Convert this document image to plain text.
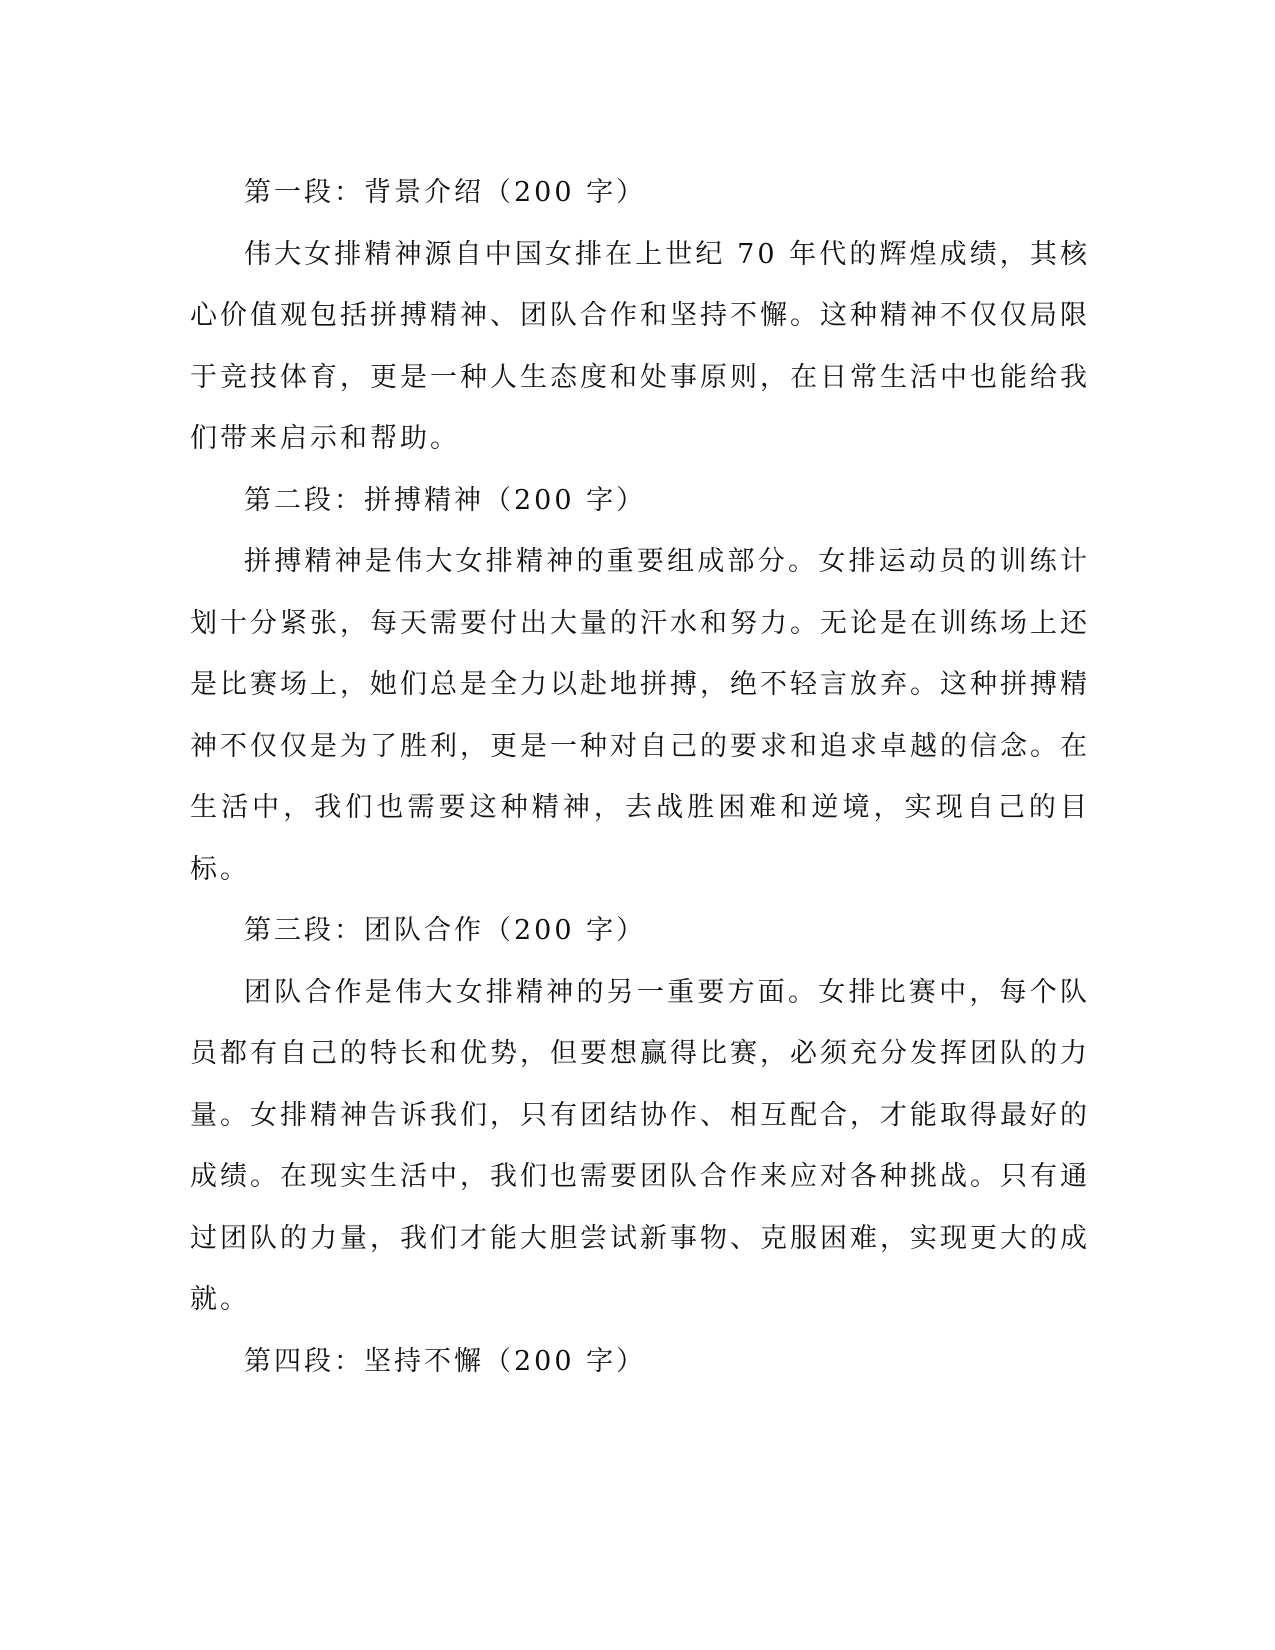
第一段：背景介绍（200 字）

伟大女排精神源自中国女排在上世纪 70 年代的辉煌成绩，其核心价值观包括拼搏精神、团队合作和坚持不懈。这种精神不仅仅局限于竞技体育，更是一种人生态度和处事原则，在日常生活中也能给我们带来启示和帮助。

第二段：拼搏精神（200 字）

拼搏精神是伟大女排精神的重要组成部分。女排运动员的训练计划十分紧张，每天需要付出大量的汗水和努力。无论是在训练场上还是比赛场上，她们总是全力以赴地拼搏，绝不轻言放弃。这种拼搏精神不仅仅是为了胜利，更是一种对自己的要求和追求卓越的信念。在生活中，我们也需要这种精神，去战胜困难和逆境，实现自己的目标。

第三段：团队合作（200 字）

团队合作是伟大女排精神的另一重要方面。女排比赛中，每个队员都有自己的特长和优势，但要想赢得比赛，必须充分发挥团队的力量。女排精神告诉我们，只有团结协作、相互配合，才能取得最好的成绩。在现实生活中，我们也需要团队合作来应对各种挑战。只有通过团队的力量，我们才能大胆尝试新事物、克服困难，实现更大的成就。

第四段：坚持不懈（200 字）
